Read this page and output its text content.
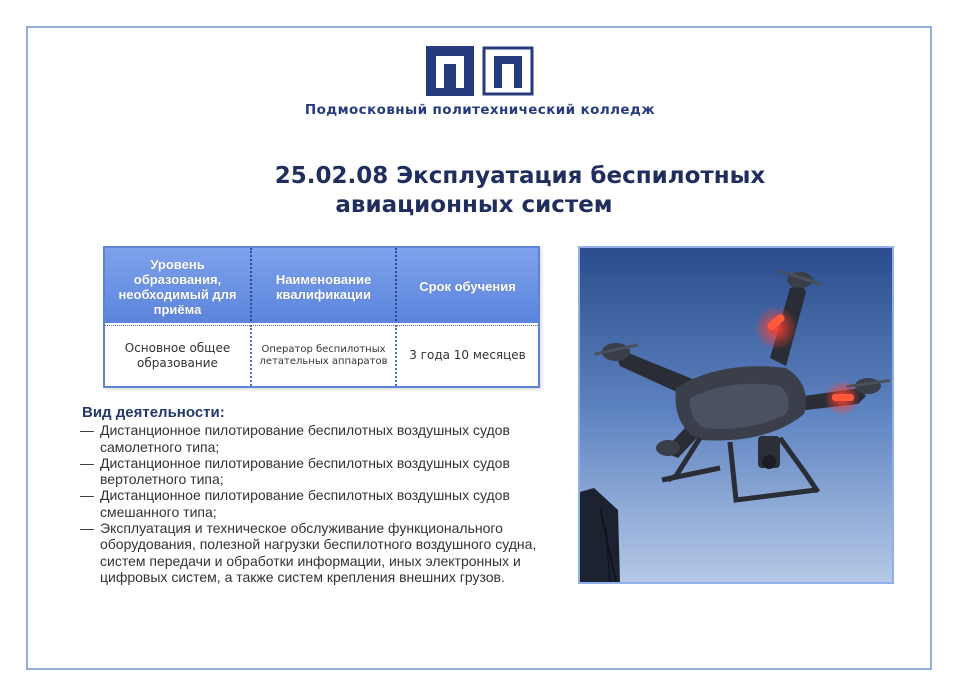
Подмосковный политехнический колледж
25.02.08 Эксплуатация беспилотных
авиационных систем
Уровень образования, необходимый для приёма
Наименование квалификации	Срок обучения
Основное общее образование
Оператор беспилотных летательных аппаратов	3 года 10 месяцев
Вид деятельности:
— Дистанционное пилотирование беспилотных воздушных судов самолетного типа;
— Дистанционное пилотирование беспилотных воздушных судов вертолетного типа;
— Дистанционное пилотирование беспилотных воздушных судов смешанного типа;
— Эксплуатация и техническое обслуживание функционального оборудования, полезной нагрузки беспилотного воздушного судна, систем передачи и обработки информации, иных электронных и цифровых систем, а также систем крепления внешних грузов.
